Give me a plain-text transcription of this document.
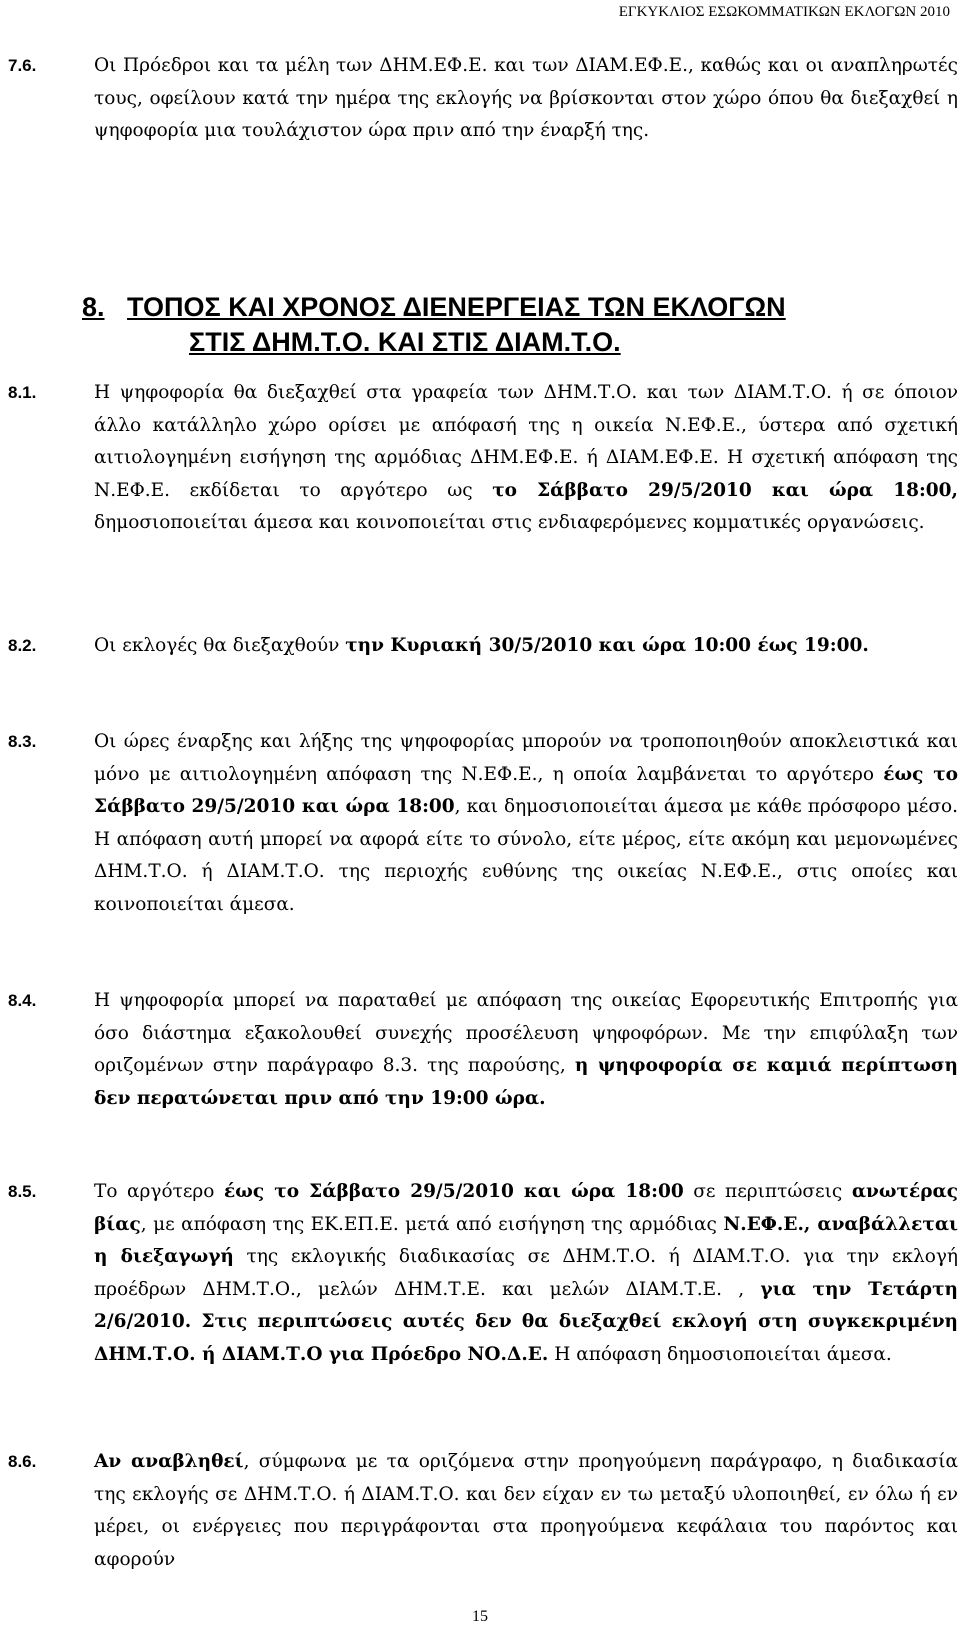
ΕΓΚΥΚΛΙΟΣ ΕΣΩΚΟΜΜΑΤΙΚΩΝ ΕΚΛΟΓΩΝ 2010
7.6.	Οι Πρόεδροι και τα μέλη των ΔΗΜ.ΕΦ.Ε. και των ΔΙΑΜ.ΕΦ.Ε., καθώς και οι αναπληρωτές τους, οφείλουν κατά την ημέρα της εκλογής να βρίσκονται στον χώρο όπου θα διεξαχθεί η ψηφοφορία μια τουλάχιστον ώρα πριν από την έναρξή της.
8. ΤΟΠΟΣ ΚΑΙ ΧΡΟΝΟΣ ΔΙΕΝΕΡΓΕΙΑΣ ΤΩΝ ΕΚΛΟΓΩΝ
ΣΤΙΣ ΔΗΜ.Τ.Ο. ΚΑΙ ΣΤΙΣ ΔΙΑΜ.Τ.Ο.
8.1.	Η ψηφοφορία θα διεξαχθεί στα γραφεία των ΔΗΜ.Τ.Ο. και των ΔΙΑΜ.Τ.Ο. ή σε όποιον άλλο κατάλληλο χώρο ορίσει με απόφασή της η οικεία Ν.ΕΦ.Ε., ύστερα από σχετική αιτιολογημένη εισήγηση της αρμόδιας ΔΗΜ.ΕΦ.Ε. ή ΔΙΑΜ.ΕΦ.Ε. Η σχετική απόφαση της Ν.ΕΦ.Ε. εκδίδεται το αργότερο ως το Σάββατο 29/5/2010 και ώρα 18:00, δημοσιοποιείται άμεσα και κοινοποιείται στις ενδιαφερόμενες κομματικές οργανώσεις.
8.2.	Οι εκλογές θα διεξαχθούν την Κυριακή 30/5/2010 και ώρα 10:00 έως 19:00.
8.3.	Οι ώρες έναρξης και λήξης της ψηφοφορίας μπορούν να τροποποιηθούν αποκλειστικά και μόνο με αιτιολογημένη απόφαση της Ν.ΕΦ.Ε., η οποία λαμβάνεται το αργότερο έως το Σάββατο 29/5/2010 και ώρα 18:00, και δημοσιοποιείται άμεσα με κάθε πρόσφορο μέσο. Η απόφαση αυτή μπορεί να αφορά είτε το σύνολο, είτε μέρος, είτε ακόμη και μεμονωμένες ΔΗΜ.Τ.Ο. ή ΔΙΑΜ.Τ.Ο. της περιοχής ευθύνης της οικείας Ν.ΕΦ.Ε., στις οποίες και κοινοποιείται άμεσα.
8.4.	Η ψηφοφορία μπορεί να παραταθεί με απόφαση της οικείας Εφορευτικής Επιτροπής για όσο διάστημα εξακολουθεί συνεχής προσέλευση ψηφοφόρων. Με την επιφύλαξη των οριζομένων στην παράγραφο 8.3. της παρούσης, η ψηφοφορία σε καμιά περίπτωση δεν περατώνεται πριν από την 19:00 ώρα.
8.5.	Το αργότερο έως το Σάββατο 29/5/2010 και ώρα 18:00 σε περιπτώσεις ανωτέρας βίας, με απόφαση της ΕΚ.ΕΠ.Ε. μετά από εισήγηση της αρμόδιας Ν.ΕΦ.Ε., αναβάλλεται η διεξαγωγή της εκλογικής διαδικασίας σε ΔΗΜ.Τ.Ο. ή ΔΙΑΜ.Τ.Ο. για την εκλογή προέδρων ΔΗΜ.Τ.Ο., μελών ΔΗΜ.Τ.Ε. και μελών ΔΙΑΜ.Τ.Ε. , για την Τετάρτη 2/6/2010. Στις περιπτώσεις αυτές δεν θα διεξαχθεί εκλογή στη συγκεκριμένη ΔΗΜ.Τ.Ο. ή ΔΙΑΜ.Τ.Ο για Πρόεδρο ΝΟ.Δ.Ε. Η απόφαση δημοσιοποιείται άμεσα.
8.6.	Αν αναβληθεί, σύμφωνα με τα οριζόμενα στην προηγούμενη παράγραφο, η διαδικασία της εκλογής σε ΔΗΜ.Τ.Ο. ή ΔΙΑΜ.Τ.Ο. και δεν είχαν εν τω μεταξύ υλοποιηθεί, εν όλω ή εν μέρει, οι ενέργειες που περιγράφονται στα προηγούμενα κεφάλαια του παρόντος και αφορούν
15
